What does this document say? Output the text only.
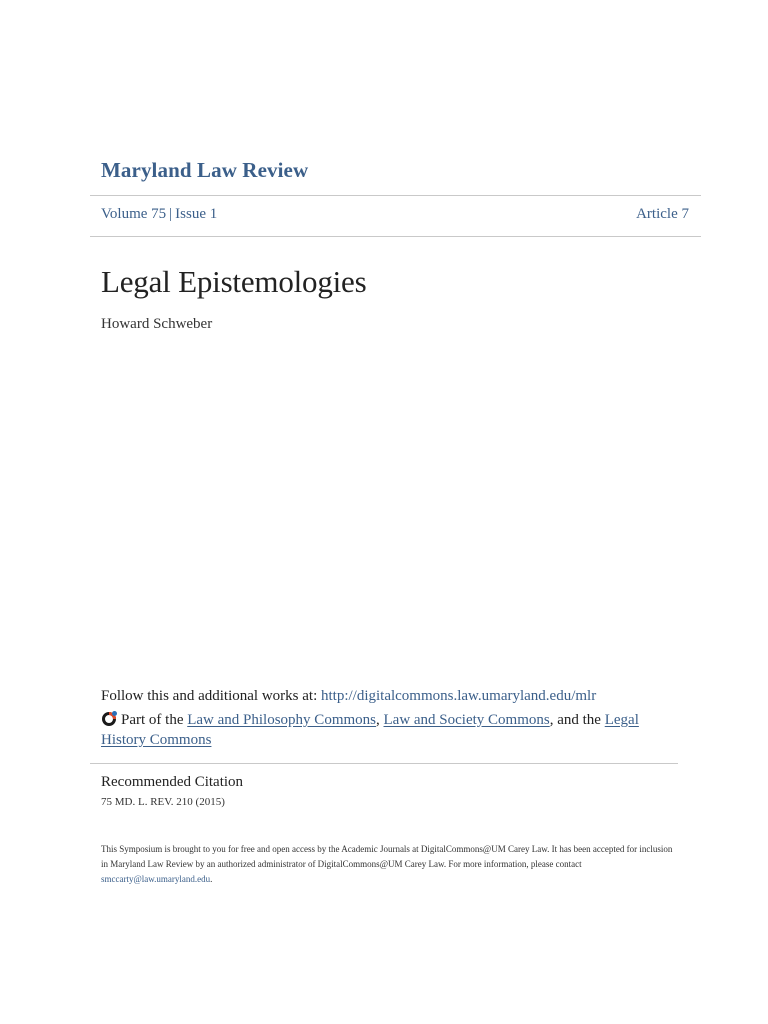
Maryland Law Review
Volume 75 | Issue 1	Article 7
Legal Epistemologies
Howard Schweber
Follow this and additional works at: http://digitalcommons.law.umaryland.edu/mlr
Part of the Law and Philosophy Commons, Law and Society Commons, and the Legal History Commons
Recommended Citation
75 MD. L. REV. 210 (2015)
This Symposium is brought to you for free and open access by the Academic Journals at DigitalCommons@UM Carey Law. It has been accepted for inclusion in Maryland Law Review by an authorized administrator of DigitalCommons@UM Carey Law. For more information, please contact smccarty@law.umaryland.edu.
